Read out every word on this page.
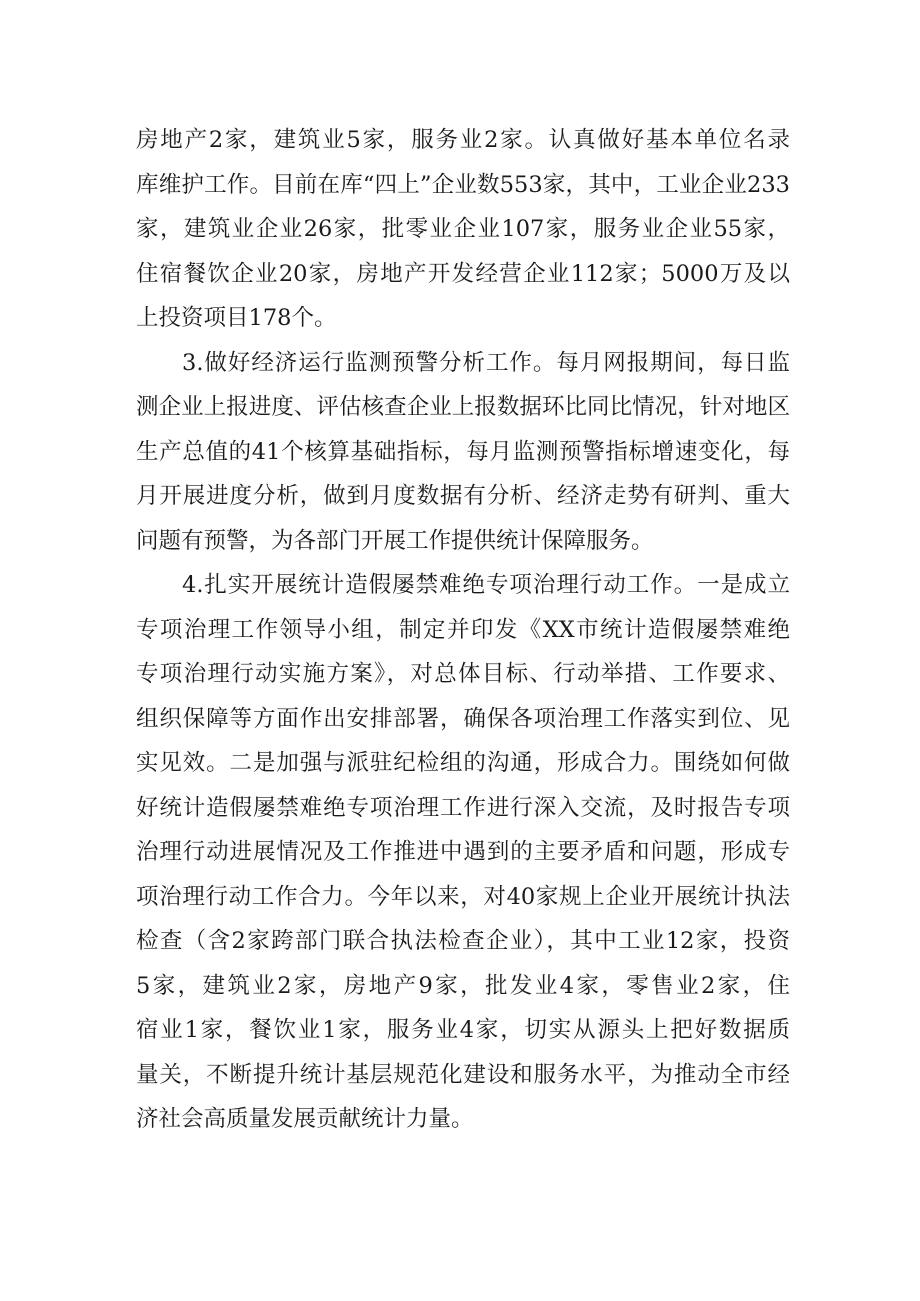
房地产2家，建筑业5家，服务业2家。认真做好基本单位名录
库维护工作。目前在库“四上”企业数553家，其中，工业企业233
家，建筑业企业26家，批零业企业107家，服务业企业55家，
住宿餐饮企业20家，房地产开发经营企业112家；5000万及以
上投资项目178个。
3.做好经济运行监测预警分析工作。每月网报期间，每日监
测企业上报进度、评估核查企业上报数据环比同比情况，针对地区
生产总值的41个核算基础指标，每月监测预警指标增速变化，每
月开展进度分析，做到月度数据有分析、经济走势有研判、重大
问题有预警，为各部门开展工作提供统计保障服务。
4.扎实开展统计造假屡禁难绝专项治理行动工作。一是成立
专项治理工作领导小组，制定并印发《XX市统计造假屡禁难绝
专项治理行动实施方案》，对总体目标、行动举措、工作要求、
组织保障等方面作出安排部署，确保各项治理工作落实到位、见
实见效。二是加强与派驻纪检组的沟通，形成合力。围绕如何做
好统计造假屡禁难绝专项治理工作进行深入交流，及时报告专项
治理行动进展情况及工作推进中遇到的主要矛盾和问题，形成专
项治理行动工作合力。今年以来，对40家规上企业开展统计执法
检查（含2家跨部门联合执法检查企业），其中工业12家，投资
5家，建筑业2家，房地产9家，批发业4家，零售业2家，住
宿业1家，餐饮业1家，服务业4家，切实从源头上把好数据质
量关，不断提升统计基层规范化建设和服务水平，为推动全市经
济社会高质量发展贡献统计力量。
